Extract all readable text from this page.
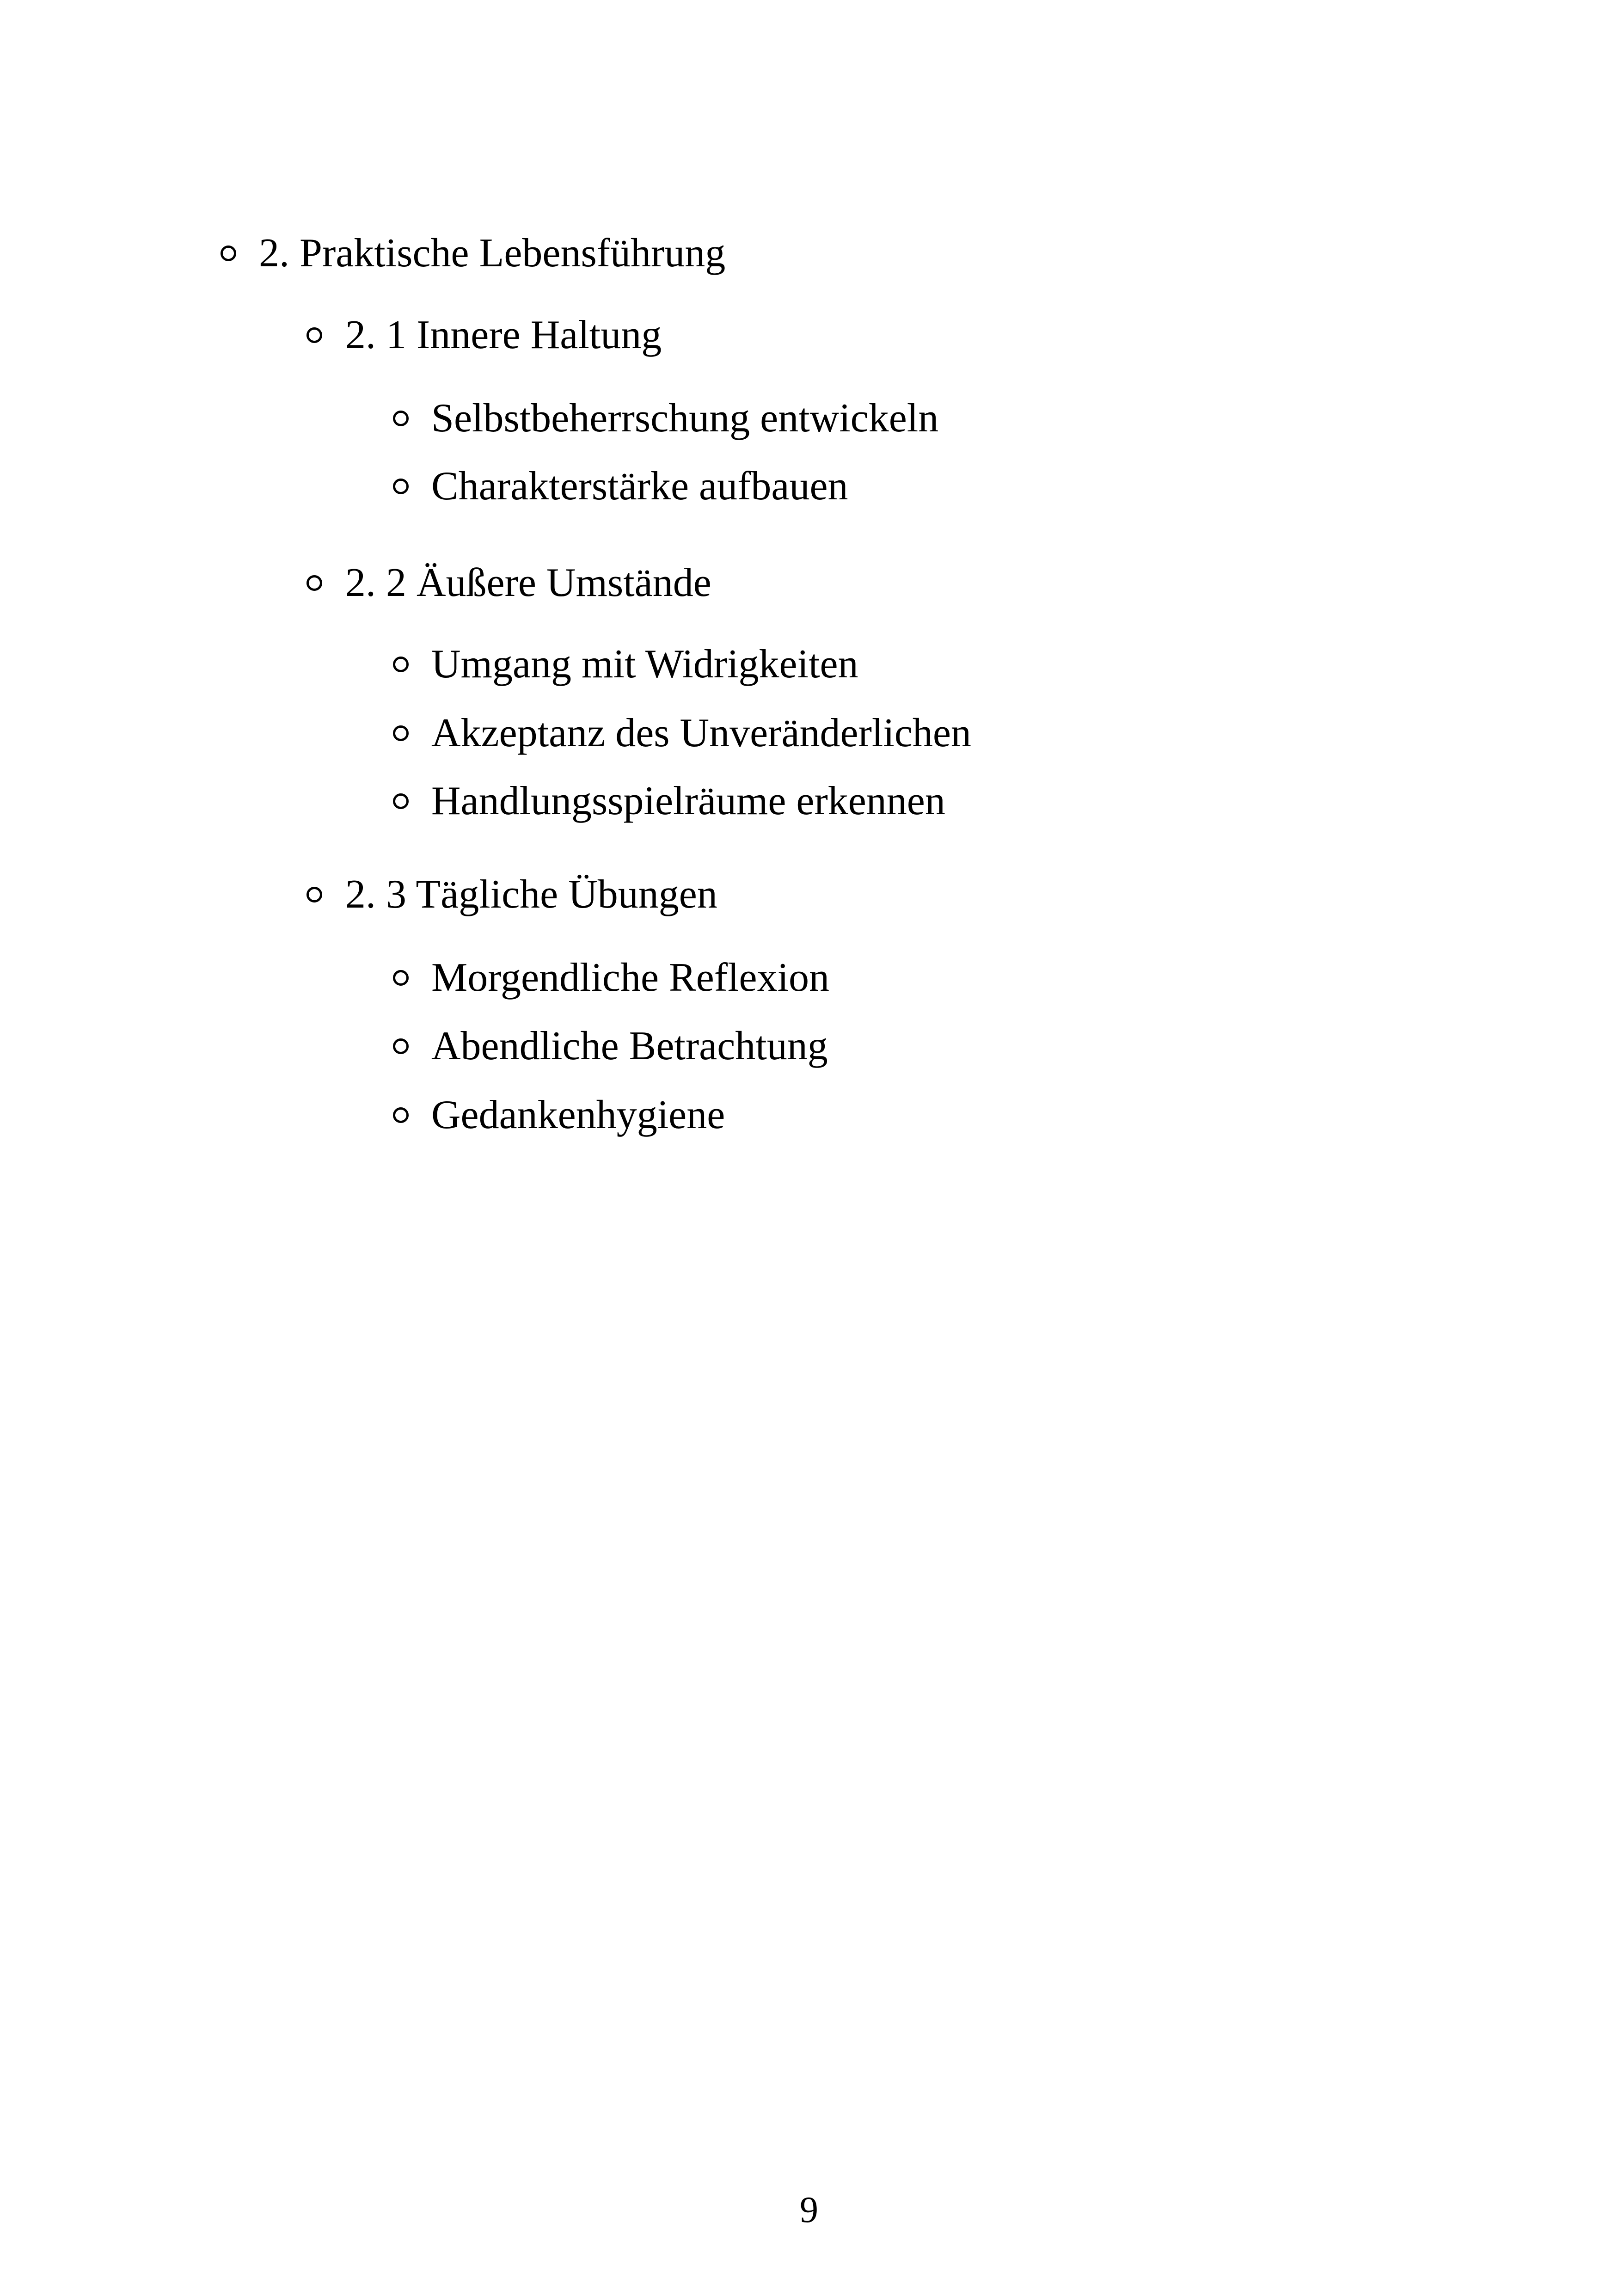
2. Praktische Lebensführung
2. 1 Innere Haltung
Selbstbeherrschung entwickeln
Charakterstärke aufbauen
2. 2 Äußere Umstände
Umgang mit Widrigkeiten
Akzeptanz des Unveränderlichen
Handlungsspielräume erkennen
2. 3 Tägliche Übungen
Morgendliche Reflexion
Abendliche Betrachtung
Gedankenhygiene
9
